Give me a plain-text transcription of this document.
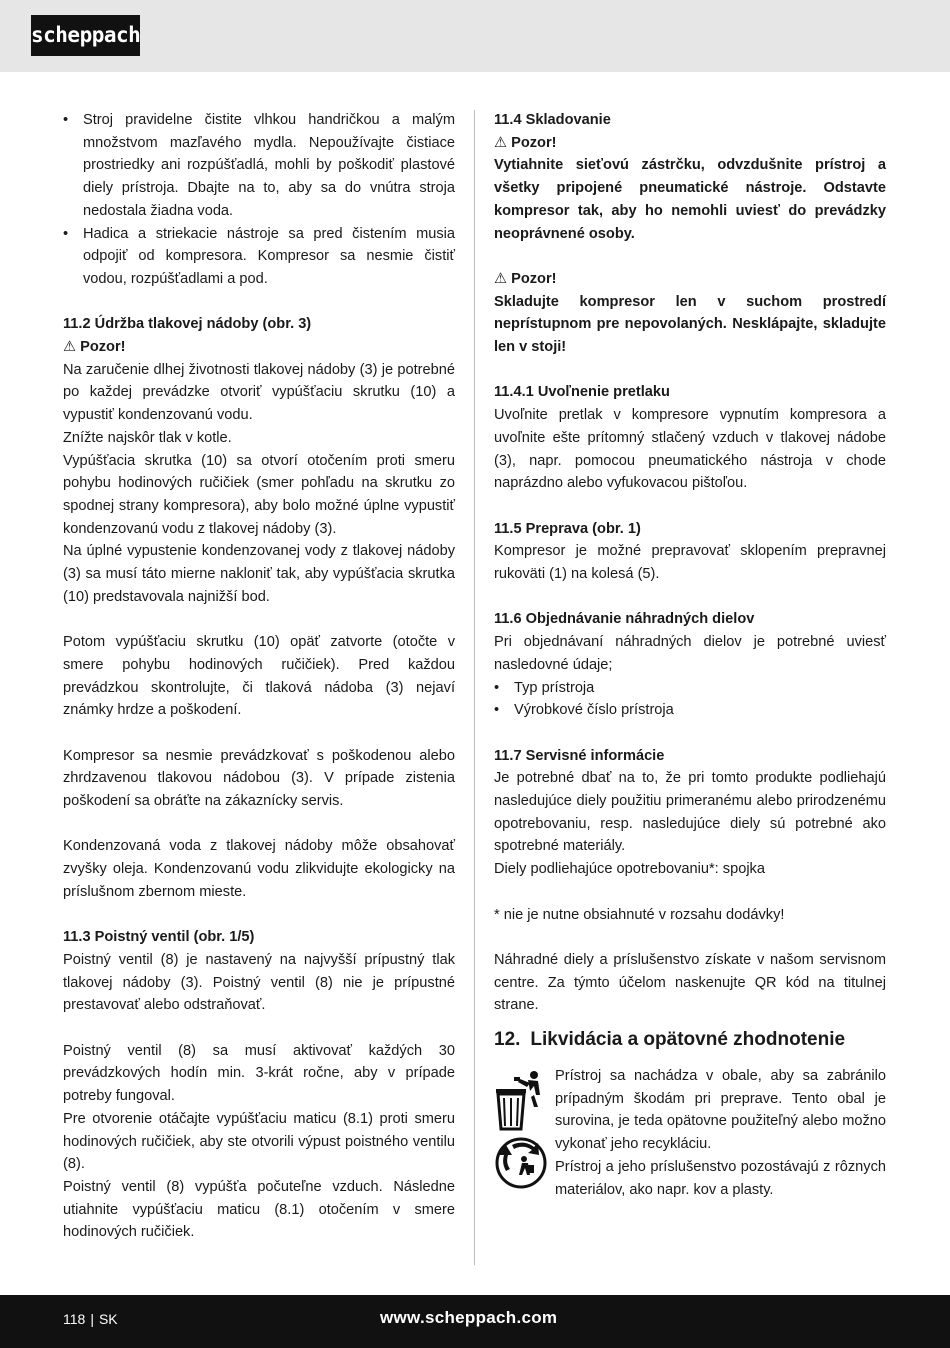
scheppach
• Stroj pravidelne čistite vlhkou handričkou a malým množstvom mazľavého mydla. Nepoužívajte čistiace prostriedky ani rozpúšťadlá, mohli by poškodiť plastové diely prístroja. Dbajte na to, aby sa do vnútra stroja nedostala žiadna voda.
• Hadica a striekacie nástroje sa pred čistením musia odpojiť od kompresora. Kompresor sa nesmie čistiť vodou, rozpúšťadlami a pod.

11.2 Údržba tlakovej nádoby (obr. 3)

⚠ Pozor!

Na zaručenie dlhej životnosti tlakovej nádoby (3) je potrebné po každej prevádzke otvoriť vypúšťaciu skrutku (10) a vypustiť kondenzovanú vodu.

Znížte najskôr tlak v kotle.

Vypúšťacia skrutka (10) sa otvorí otočením proti smeru pohybu hodinových ručičiek (smer pohľadu na skrutku zo spodnej strany kompresora), aby bolo možné úplne vypustiť kondenzovanú vodu z tlakovej nádoby (3).

Na úplné vypustenie kondenzovanej vody z tlakovej nádoby (3) sa musí táto mierne nakloniť tak, aby vypúšťacia skrutka (10) predstavovala najnižší bod.

Potom vypúšťaciu skrutku (10) opäť zatvorte (otočte v smere pohybu hodinových ručičiek). Pred každou prevádzkou skontrolujte, či tlaková nádoba (3) nejaví známky hrdze a poškodení.

Kompresor sa nesmie prevádzkovať s poškodenou alebo zhrdzavenou tlakovou nádobou (3). V prípade zistenia poškodení sa obráťte na zákaznícky servis.

Kondenzovaná voda z tlakovej nádoby môže obsahovať zvyšky oleja. Kondenzovanú vodu zlikvidujte ekologicky na príslušnom zbernom mieste.

11.3 Poistný ventil (obr. 1/5)

Poistný ventil (8) je nastavený na najvyšší prípustný tlak tlakovej nádoby (3). Poistný ventil (8) nie je prípustné prestavovať alebo odstraňovať.

Poistný ventil (8) sa musí aktivovať každých 30 prevádzkových hodín min. 3-krát ročne, aby v prípade potreby fungoval.

Pre otvorenie otáčajte vypúšťaciu maticu (8.1) proti smeru hodinových ručičiek, aby ste otvorili výpust poistného ventilu (8).

Poistný ventil (8) vypúšťa počuteľne vzduch. Následne utiahnite vypúšťaciu maticu (8.1) otočením v smere hodinových ručičiek.

11.4 Skladovanie

⚠ Pozor!

Vytiahnite sieťovú zástrčku, odvzdušnite prístroj a všetky pripojené pneumatické nástroje. Odstavte kompresor tak, aby ho nemohli uviesť do prevádzky neoprávnené osoby.

⚠ Pozor!

Skladujte kompresor len v suchom prostredí neprístupnom pre nepovolaných. Nesklápajte, skladujte len v stoji!

11.4.1 Uvoľnenie pretlaku

Uvoľnite pretlak v kompresore vypnutím kompresora a uvoľnite ešte prítomný stlačený vzduch v tlakovej nádobe (3), napr. pomocou pneumatického nástroja v chode naprázdno alebo vyfukovacou pištoľou.

11.5 Preprava (obr. 1)

Kompresor je možné prepravovať sklopením prepravnej rukoväti (1) na kolesá (5).

11.6 Objednávanie náhradných dielov

Pri objednávaní náhradných dielov je potrebné uviesť nasledovné údaje;

• Typ prístroja
• Výrobkové číslo prístroja

11.7 Servisné informácie

Je potrebné dbať na to, že pri tomto produkte podliehajú nasledujúce diely použitiu primeranému alebo prirodzenému opotrebovaniu, resp. nasledujúce diely sú potrebné ako spotrebné materiály.

Diely podliehajúce opotrebovaniu*: spojka

* nie je nutne obsiahnuté v rozsahu dodávky!

Náhradné diely a príslušenstvo získate v našom servisnom centre. Za týmto účelom naskenujte QR kód na titulnej strane.

12. Likvidácia a opätovné zhodnotenie

Prístroj sa nachádza v obale, aby sa zabránilo prípadným škodám pri preprave. Tento obal je surovina, je teda opätovne použiteľný alebo možno vykonať jeho recykláciu.

Prístroj a jeho príslušenstvo pozostávajú z rôznych materiálov, ako napr. kov a plasty.

118 | SK	www.scheppach.com
